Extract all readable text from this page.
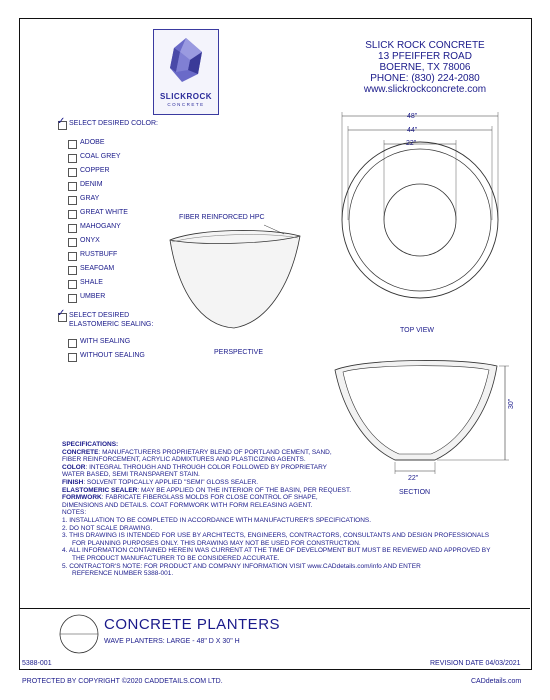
SLICKROCK
CONCRETE
SLICK ROCK CONCRETE
13 PFEIFFER ROAD
BOERNE, TX 78006
PHONE: (830) 224-2080
www.slickrockconcrete.com
✓ SELECT DESIRED COLOR:
ADOBE
COAL GREY
COPPER
DENIM
GRAY
GREAT WHITE
MAHOGANY
ONYX
RUSTBUFF
SEAFOAM
SHALE
UMBER
✓ SELECT DESIRED
ELASTOMERIC SEALING:
WITH SEALING
WITHOUT SEALING
FIBER REINFORCED HPC
PERSPECTIVE
48"
44"
22"
TOP VIEW
30"
22"
SECTION

SPECIFICATIONS:

CONCRETE: MANUFACTURERS PROPRIETARY BLEND OF PORTLAND CEMENT, SAND,

FIBER REINFORCEMENT, ACRYLIC ADMIXTURES AND PLASTICIZING AGENTS.

COLOR: INTEGRAL THROUGH AND THROUGH COLOR FOLLOWED BY PROPRIETARY

WATER BASED, SEMI TRANSPARENT STAIN.

FINISH: SOLVENT TOPICALLY APPLIED "SEMI" GLOSS SEALER.

ELASTOMERIC SEALER: MAY BE APPLIED ON THE INTERIOR OF THE BASIN, PER REQUEST.

FORMWORK: FABRICATE FIBERGLASS MOLDS FOR CLOSE CONTROL OF SHAPE,

DIMENSIONS AND DETAILS. COAT FORMWORK WITH FORM RELEASING AGENT.

NOTES:

1. INSTALLATION TO BE COMPLETED IN ACCORDANCE WITH MANUFACTURER'S SPECIFICATIONS.

2. DO NOT SCALE DRAWING.

3. THIS DRAWING IS INTENDED FOR USE BY ARCHITECTS, ENGINEERS, CONTRACTORS, CONSULTANTS AND DESIGN PROFESSIONALS

FOR PLANNING PURPOSES ONLY. THIS DRAWING MAY NOT BE USED FOR CONSTRUCTION.

4. ALL INFORMATION CONTAINED HEREIN WAS CURRENT AT THE TIME OF DEVELOPMENT BUT MUST BE REVIEWED AND APPROVED BY

THE PRODUCT MANUFACTURER TO BE CONSIDERED ACCURATE.

5. CONTRACTOR'S NOTE: FOR PRODUCT AND COMPANY INFORMATION VISIT www.CADdetails.com/info AND ENTER

REFERENCE NUMBER 5388-001.

CONCRETE PLANTERS
WAVE PLANTERS: LARGE - 48" D X 30" H
5388-001	REVISION DATE 04/03/2021
PROTECTED BY COPYRIGHT ©2020 CADDETAILS.COM LTD.	CADdetails.com
